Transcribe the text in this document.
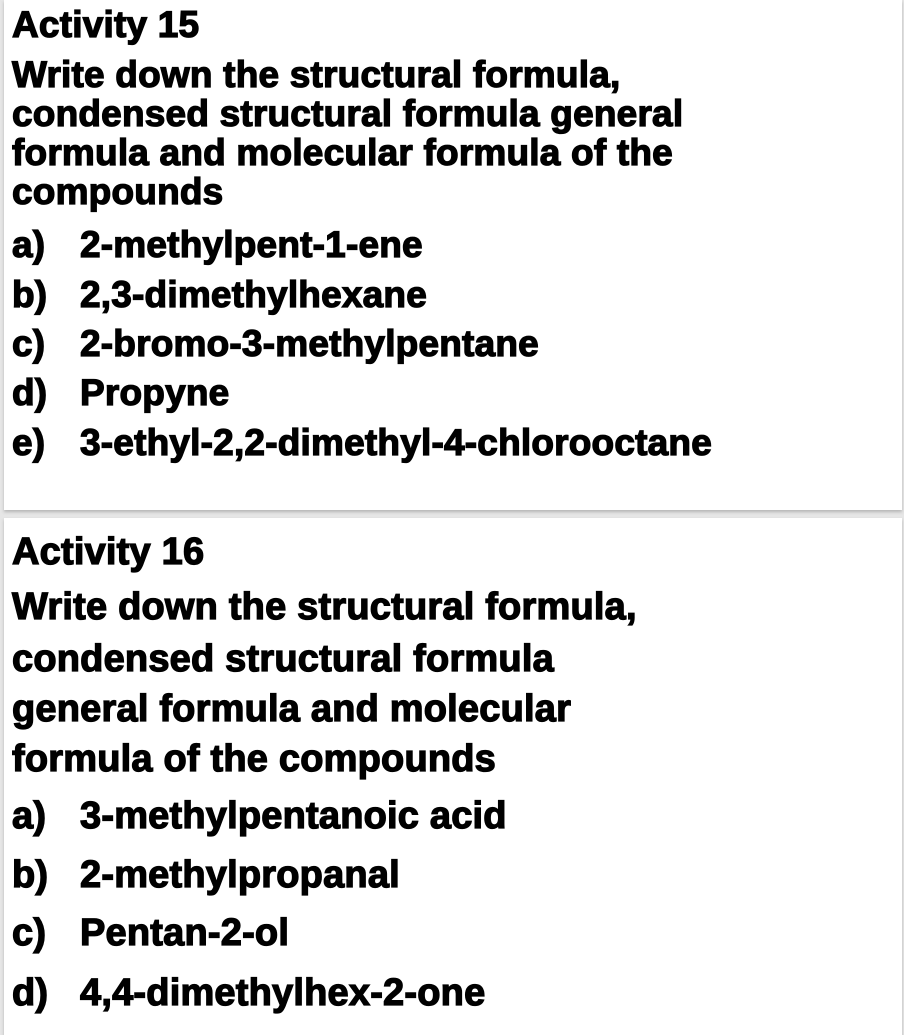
Activity 15
Write down the structural formula,
condensed structural formula general
formula and molecular formula of the
compounds
a) 2-methylpent-1-ene
b) 2,3-dimethylhexane
c) 2-bromo-3-methylpentane
d) Propyne
e) 3-ethyl-2,2-dimethyl-4-chlorooctane
Activity 16
Write down the structural formula,
condensed structural formula
general formula and molecular
formula of the compounds
a) 3-methylpentanoic acid
b) 2-methylpropanal
c) Pentan-2-ol
d) 4,4-dimethylhex-2-one
